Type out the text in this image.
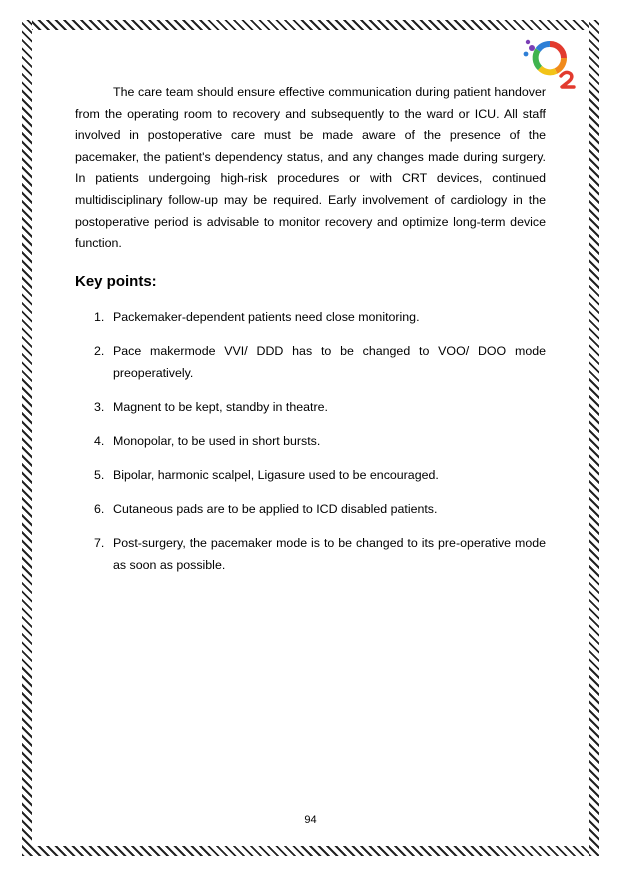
The care team should ensure effective communication during patient handover from the operating room to recovery and subsequently to the ward or ICU. All staff involved in postoperative care must be made aware of the presence of the pacemaker, the patient's dependency status, and any changes made during surgery. In patients undergoing high-risk procedures or with CRT devices, continued multidisciplinary follow-up may be required. Early involvement of cardiology in the postoperative period is advisable to monitor recovery and optimize long-term device function.

Key points:
1. Packemaker-dependent patients need close monitoring.
2. Pace makermode VVI/ DDD has to be changed to VOO/ DOO mode preoperatively.
3. Magnent to be kept, standby in theatre.
4. Monopolar, to be used in short bursts.
5. Bipolar, harmonic scalpel, Ligasure used to be encouraged.
6. Cutaneous pads are to be applied to ICD disabled patients.
7. Post-surgery, the pacemaker mode is to be changed to its pre-operative mode as soon as possible.
94
